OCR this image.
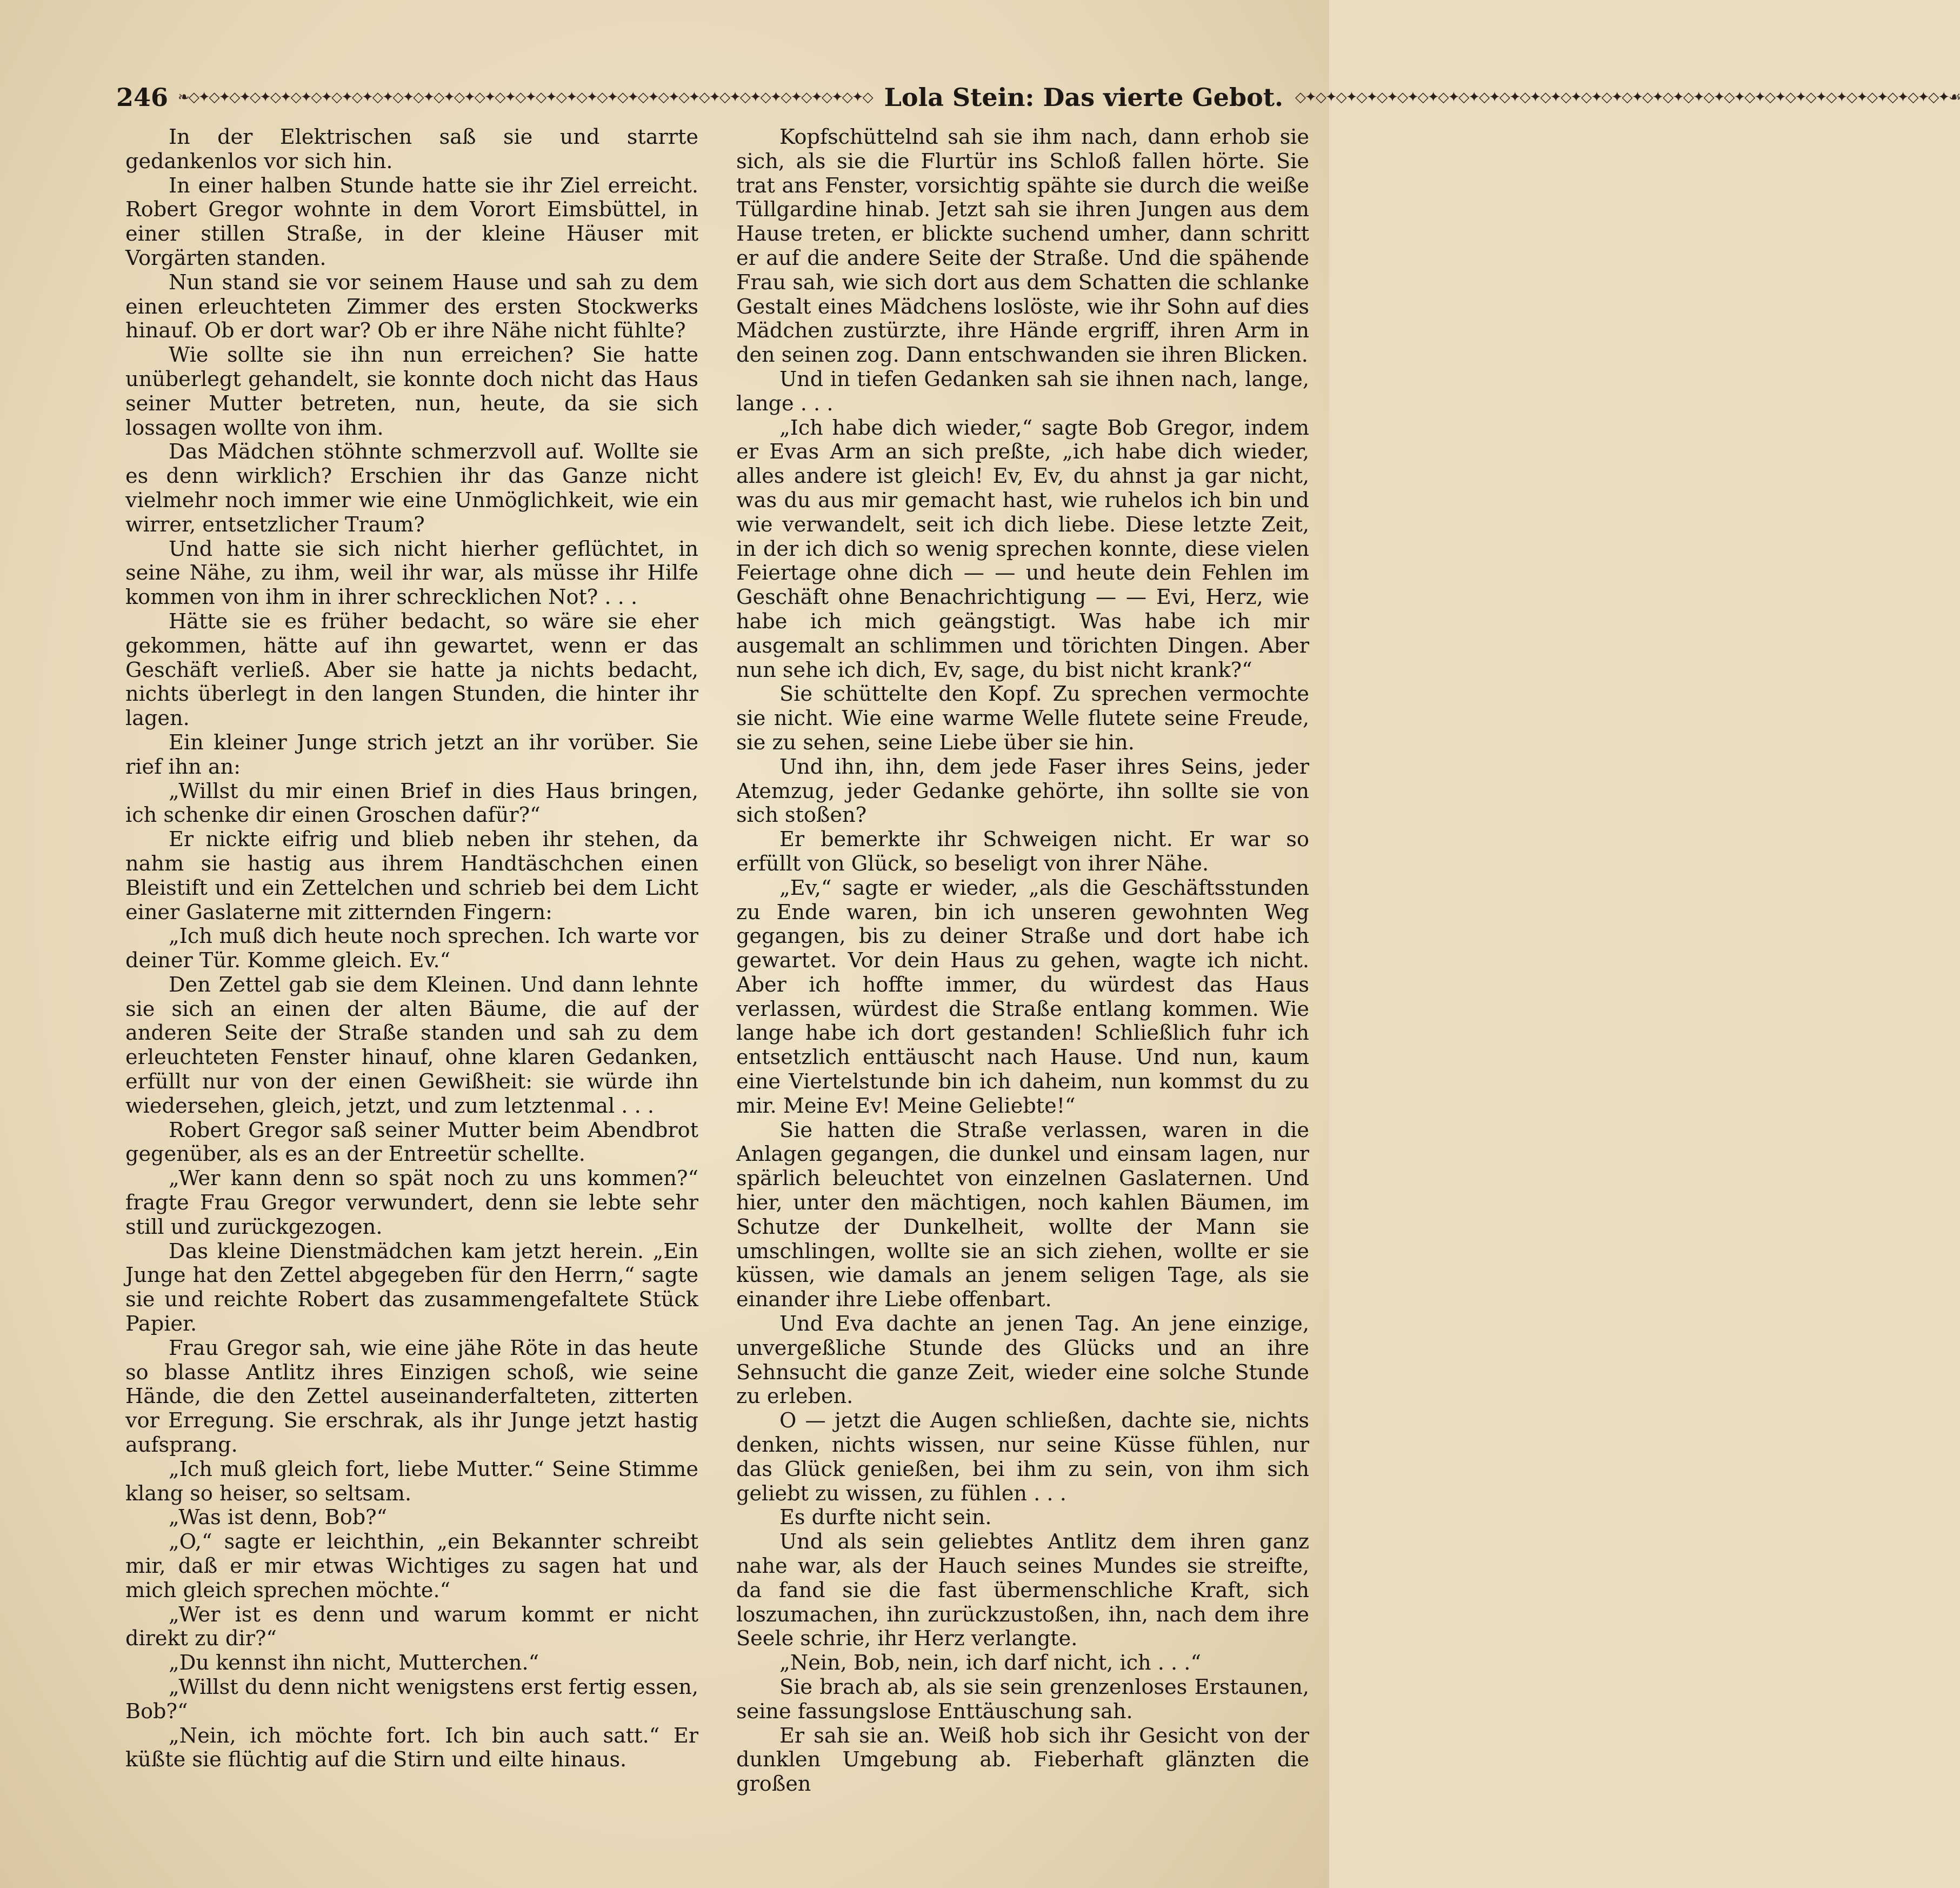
246 ❧◇✦◇✦◇✦◇✦◇✦◇✦◇✦◇✦◇✦◇✦◇✦◇✦◇✦◇✦◇✦◇✦◇✦◇✦◇✦◇✦◇✦◇✦◇✦◇✦◇✦◇✦◇✦◇✦◇✦◇✦◇✦◇✦◇✦◇ Lola Stein: Das vierte Gebot. ◇✦◇✦◇✦◇✦◇✦◇✦◇✦◇✦◇✦◇✦◇✦◇✦◇✦◇✦◇✦◇✦◇✦◇✦◇✦◇✦◇✦◇✦◇✦◇✦◇✦◇✦◇✦◇✦◇✦◇✦◇✦◇✦☙

In der Elektrischen saß sie und starrte gedankenlos vor sich hin.

In einer halben Stunde hatte sie ihr Ziel erreicht. Robert Gregor wohnte in dem Vorort Eimsbüttel, in einer stillen Straße, in der kleine Häuser mit Vorgärten standen.

Nun stand sie vor seinem Hause und sah zu dem einen erleuchteten Zimmer des ersten Stockwerks hinauf. Ob er dort war? Ob er ihre Nähe nicht fühlte?

Wie sollte sie ihn nun erreichen? Sie hatte unüberlegt gehandelt, sie konnte doch nicht das Haus seiner Mutter betreten, nun, heute, da sie sich lossagen wollte von ihm.

Das Mädchen stöhnte schmerzvoll auf. Wollte sie es denn wirklich? Erschien ihr das Ganze nicht vielmehr noch immer wie eine Unmöglichkeit, wie ein wirrer, entsetzlicher Traum?

Und hatte sie sich nicht hierher geflüchtet, in seine Nähe, zu ihm, weil ihr war, als müsse ihr Hilfe kommen von ihm in ihrer schrecklichen Not? . . .

Hätte sie es früher bedacht, so wäre sie eher gekommen, hätte auf ihn gewartet, wenn er das Geschäft verließ. Aber sie hatte ja nichts bedacht, nichts überlegt in den langen Stunden, die hinter ihr lagen.

Ein kleiner Junge strich jetzt an ihr vorüber. Sie rief ihn an:

„Willst du mir einen Brief in dies Haus bringen, ich schenke dir einen Groschen dafür?“

Er nickte eifrig und blieb neben ihr stehen, da nahm sie hastig aus ihrem Handtäschchen einen Bleistift und ein Zettelchen und schrieb bei dem Licht einer Gaslaterne mit zitternden Fingern:

„Ich muß dich heute noch sprechen. Ich warte vor deiner Tür. Komme gleich. Ev.“

Den Zettel gab sie dem Kleinen. Und dann lehnte sie sich an einen der alten Bäume, die auf der anderen Seite der Straße standen und sah zu dem erleuchteten Fenster hinauf, ohne klaren Gedanken, erfüllt nur von der einen Gewißheit: sie würde ihn wiedersehen, gleich, jetzt, und zum letztenmal . . .

Robert Gregor saß seiner Mutter beim Abendbrot gegenüber, als es an der Entreetür schellte.

„Wer kann denn so spät noch zu uns kommen?“ fragte Frau Gregor verwundert, denn sie lebte sehr still und zurückgezogen.

Das kleine Dienstmädchen kam jetzt herein. „Ein Junge hat den Zettel abgegeben für den Herrn,“ sagte sie und reichte Robert das zusammengefaltete Stück Papier.

Frau Gregor sah, wie eine jähe Röte in das heute so blasse Antlitz ihres Einzigen schoß, wie seine Hände, die den Zettel auseinanderfalteten, zitterten vor Erregung. Sie erschrak, als ihr Junge jetzt hastig aufsprang.

„Ich muß gleich fort, liebe Mutter.“ Seine Stimme klang so heiser, so seltsam.

„Was ist denn, Bob?“

„O,“ sagte er leichthin, „ein Bekannter schreibt mir, daß er mir etwas Wichtiges zu sagen hat und mich gleich sprechen möchte.“

„Wer ist es denn und warum kommt er nicht direkt zu dir?“

„Du kennst ihn nicht, Mutterchen.“

„Willst du denn nicht wenigstens erst fertig essen, Bob?“

„Nein, ich möchte fort. Ich bin auch satt.“ Er küßte sie flüchtig auf die Stirn und eilte hinaus.

Kopfschüttelnd sah sie ihm nach, dann erhob sie sich, als sie die Flurtür ins Schloß fallen hörte. Sie trat ans Fenster, vorsichtig spähte sie durch die weiße Tüllgardine hinab. Jetzt sah sie ihren Jungen aus dem Hause treten, er blickte suchend umher, dann schritt er auf die andere Seite der Straße. Und die spähende Frau sah, wie sich dort aus dem Schatten die schlanke Gestalt eines Mädchens loslöste, wie ihr Sohn auf dies Mädchen zustürzte, ihre Hände ergriff, ihren Arm in den seinen zog. Dann entschwanden sie ihren Blicken.

Und in tiefen Gedanken sah sie ihnen nach, lange, lange . . .

„Ich habe dich wieder,“ sagte Bob Gregor, indem er Evas Arm an sich preßte, „ich habe dich wieder, alles andere ist gleich! Ev, Ev, du ahnst ja gar nicht, was du aus mir gemacht hast, wie ruhelos ich bin und wie verwandelt, seit ich dich liebe. Diese letzte Zeit, in der ich dich so wenig sprechen konnte, diese vielen Feiertage ohne dich — — und heute dein Fehlen im Geschäft ohne Benachrichtigung — — Evi, Herz, wie habe ich mich geängstigt. Was habe ich mir ausgemalt an schlimmen und törichten Dingen. Aber nun sehe ich dich, Ev, sage, du bist nicht krank?“

Sie schüttelte den Kopf. Zu sprechen vermochte sie nicht. Wie eine warme Welle flutete seine Freude, sie zu sehen, seine Liebe über sie hin.

Und ihn, ihn, dem jede Faser ihres Seins, jeder Atemzug, jeder Gedanke gehörte, ihn sollte sie von sich stoßen?

Er bemerkte ihr Schweigen nicht. Er war so erfüllt von Glück, so beseligt von ihrer Nähe.

„Ev,“ sagte er wieder, „als die Geschäftsstunden zu Ende waren, bin ich unseren gewohnten Weg gegangen, bis zu deiner Straße und dort habe ich gewartet. Vor dein Haus zu gehen, wagte ich nicht. Aber ich hoffte immer, du würdest das Haus verlassen, würdest die Straße entlang kommen. Wie lange habe ich dort gestanden! Schließlich fuhr ich entsetzlich enttäuscht nach Hause. Und nun, kaum eine Viertelstunde bin ich daheim, nun kommst du zu mir. Meine Ev! Meine Geliebte!“

Sie hatten die Straße verlassen, waren in die Anlagen gegangen, die dunkel und einsam lagen, nur spärlich beleuchtet von einzelnen Gaslaternen. Und hier, unter den mächtigen, noch kahlen Bäumen, im Schutze der Dunkelheit, wollte der Mann sie umschlingen, wollte sie an sich ziehen, wollte er sie küssen, wie damals an jenem seligen Tage, als sie einander ihre Liebe offenbart.

Und Eva dachte an jenen Tag. An jene einzige, unvergeßliche Stunde des Glücks und an ihre Sehnsucht die ganze Zeit, wieder eine solche Stunde zu erleben.

O — jetzt die Augen schließen, dachte sie, nichts denken, nichts wissen, nur seine Küsse fühlen, nur das Glück genießen, bei ihm zu sein, von ihm sich geliebt zu wissen, zu fühlen . . .

Es durfte nicht sein.

Und als sein geliebtes Antlitz dem ihren ganz nahe war, als der Hauch seines Mundes sie streifte, da fand sie die fast übermenschliche Kraft, sich loszumachen, ihn zurückzustoßen, ihn, nach dem ihre Seele schrie, ihr Herz verlangte.

„Nein, Bob, nein, ich darf nicht, ich . . .“

Sie brach ab, als sie sein grenzenloses Erstaunen, seine fassungslose Enttäuschung sah.

Er sah sie an. Weiß hob sich ihr Gesicht von der dunklen Umgebung ab. Fieberhaft glänzten die großen
